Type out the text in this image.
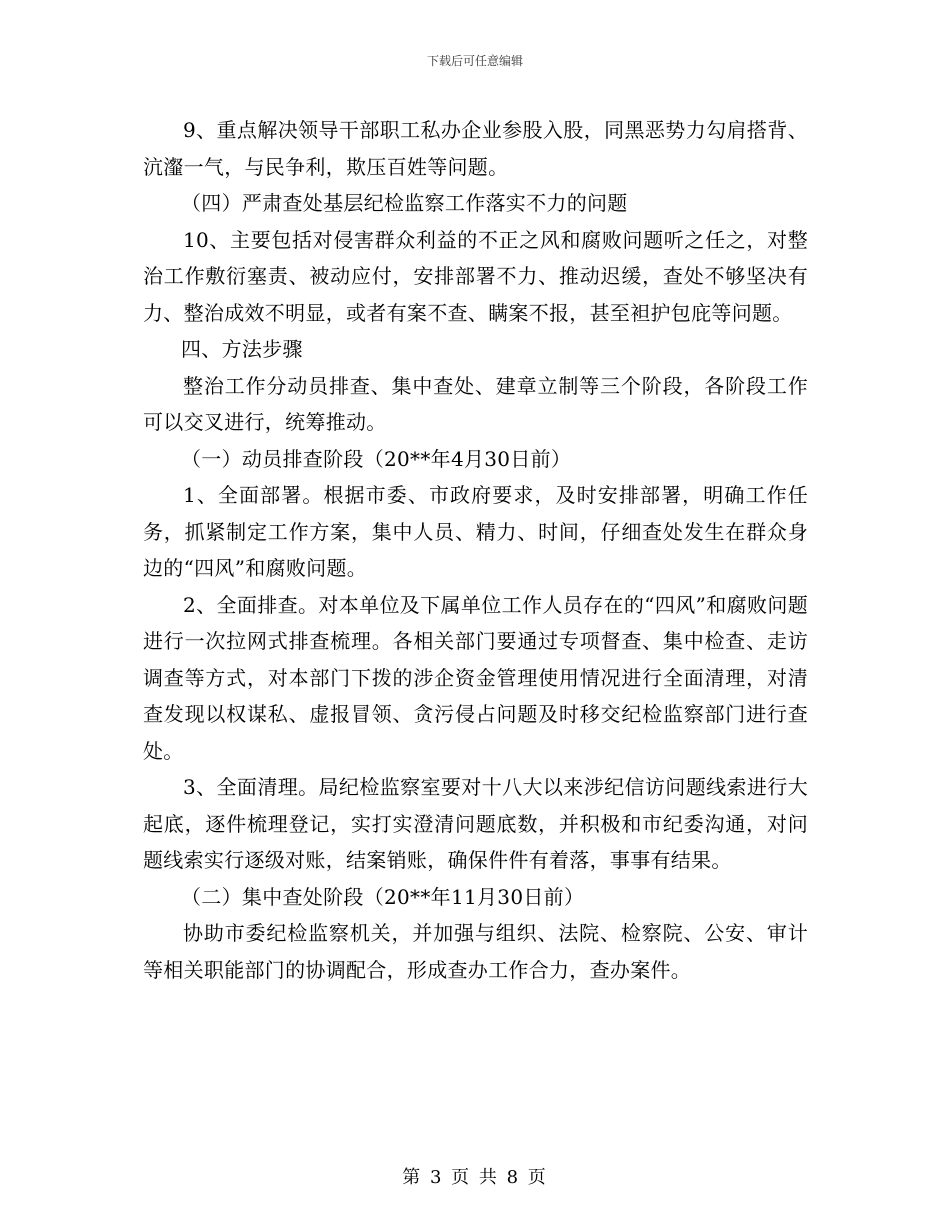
下载后可任意编辑

9、重点解决领导干部职工私办企业参股入股，同黑恶势力勾肩搭背、沆瀣一气，与民争利，欺压百姓等问题。

（四）严肃查处基层纪检监察工作落实不力的问题

10、主要包括对侵害群众利益的不正之风和腐败问题听之任之，对整治工作敷衍塞责、被动应付，安排部署不力、推动迟缓，查处不够坚决有力、整治成效不明显，或者有案不查、瞒案不报，甚至袒护包庇等问题。

四、方法步骤

整治工作分动员排查、集中查处、建章立制等三个阶段，各阶段工作可以交叉进行，统筹推动。

（一）动员排查阶段（20**年4月30日前）

1、全面部署。根据市委、市政府要求，及时安排部署，明确工作任务，抓紧制定工作方案，集中人员、精力、时间，仔细查处发生在群众身边的“四风”和腐败问题。

2、全面排查。对本单位及下属单位工作人员存在的“四风”和腐败问题进行一次拉网式排查梳理。各相关部门要通过专项督查、集中检查、走访调查等方式，对本部门下拨的涉企资金管理使用情况进行全面清理，对清查发现以权谋私、虚报冒领、贪污侵占问题及时移交纪检监察部门进行查处。

3、全面清理。局纪检监察室要对十八大以来涉纪信访问题线索进行大起底，逐件梳理登记，实打实澄清问题底数，并积极和市纪委沟通，对问题线索实行逐级对账，结案销账，确保件件有着落，事事有结果。

（二）集中查处阶段（20**年11月30日前）

协助市委纪检监察机关，并加强与组织、法院、检察院、公安、审计等相关职能部门的协调配合，形成查办工作合力，查办案件。

第 3 页 共 8 页
